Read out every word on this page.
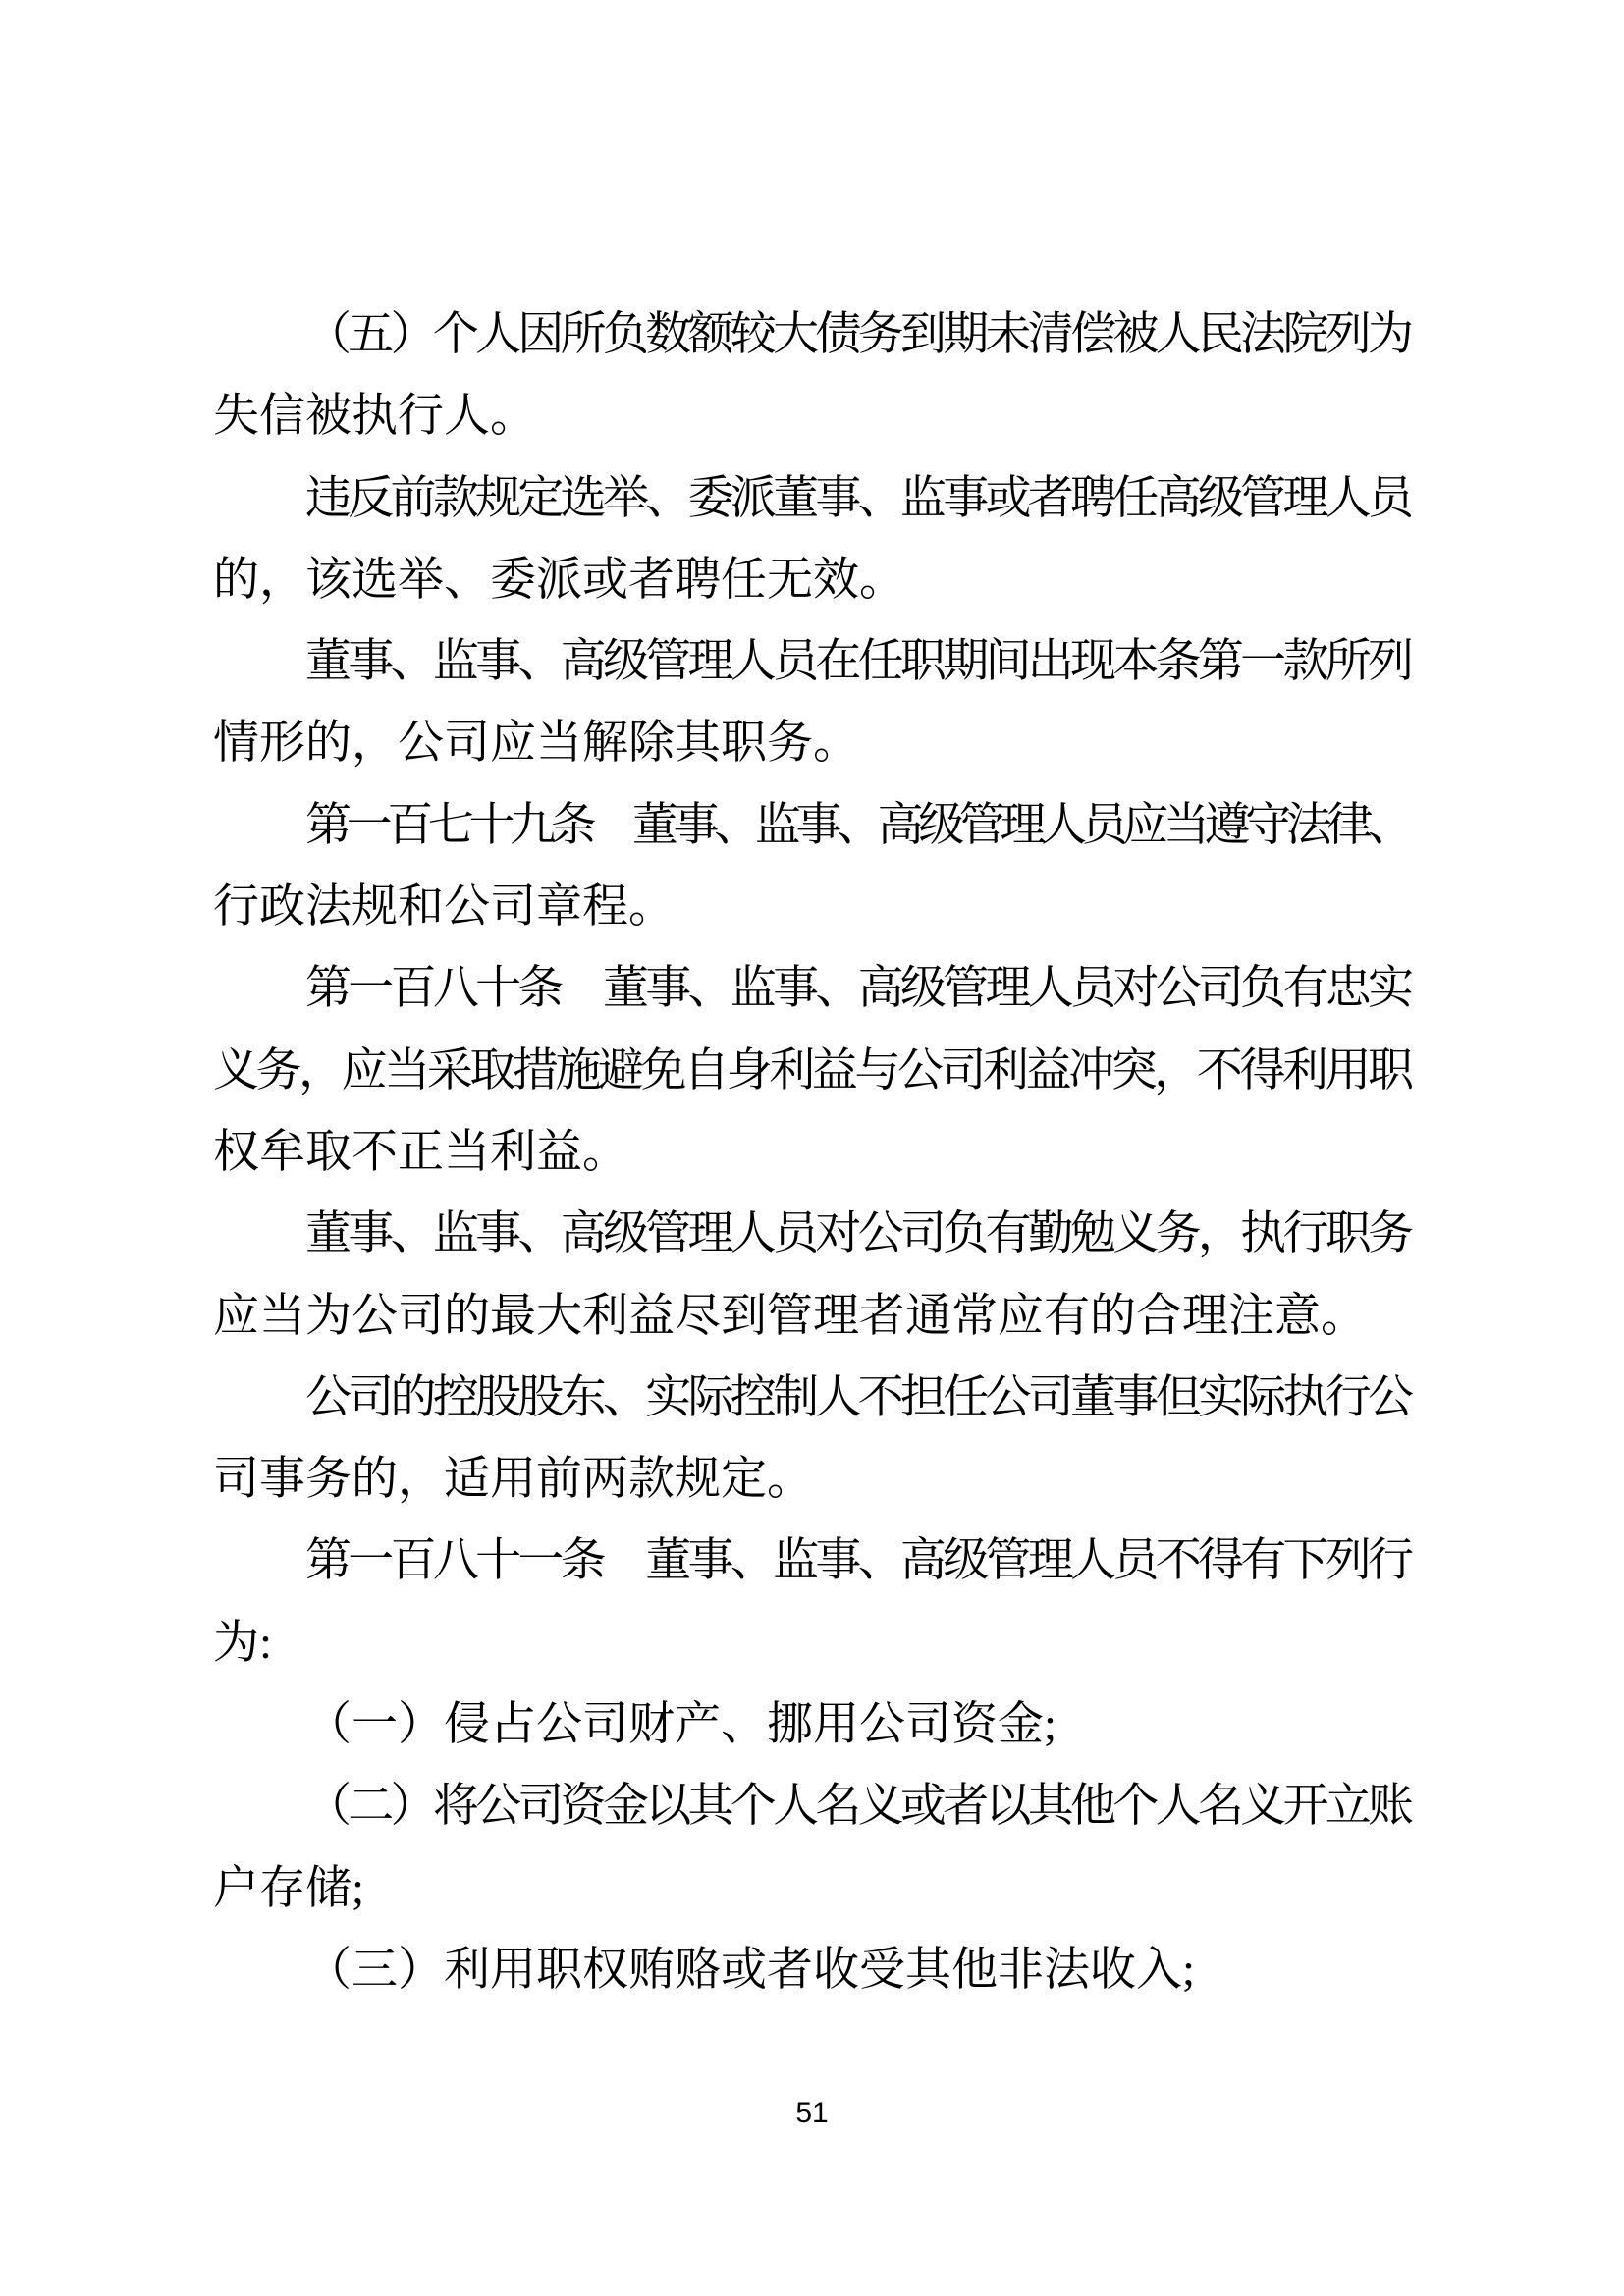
（五）个人因所负数额较大债务到期未清偿被人民法院列为
失信被执行人。
违反前款规定选举、委派董事、监事或者聘任高级管理人员
的，该选举、委派或者聘任无效。
董事、监事、高级管理人员在任职期间出现本条第一款所列
情形的，公司应当解除其职务。
第一百七十九条　董事、监事、高级管理人员应当遵守法律、
行政法规和公司章程。
第一百八十条　董事、监事、高级管理人员对公司负有忠实
义务，应当采取措施避免自身利益与公司利益冲突，不得利用职
权牟取不正当利益。
董事、监事、高级管理人员对公司负有勤勉义务，执行职务
应当为公司的最大利益尽到管理者通常应有的合理注意。
公司的控股股东、实际控制人不担任公司董事但实际执行公
司事务的，适用前两款规定。
第一百八十一条　董事、监事、高级管理人员不得有下列行
为:
（一）侵占公司财产、挪用公司资金;
（二）将公司资金以其个人名义或者以其他个人名义开立账
户存储;
（三）利用职权贿赂或者收受其他非法收入;
51
